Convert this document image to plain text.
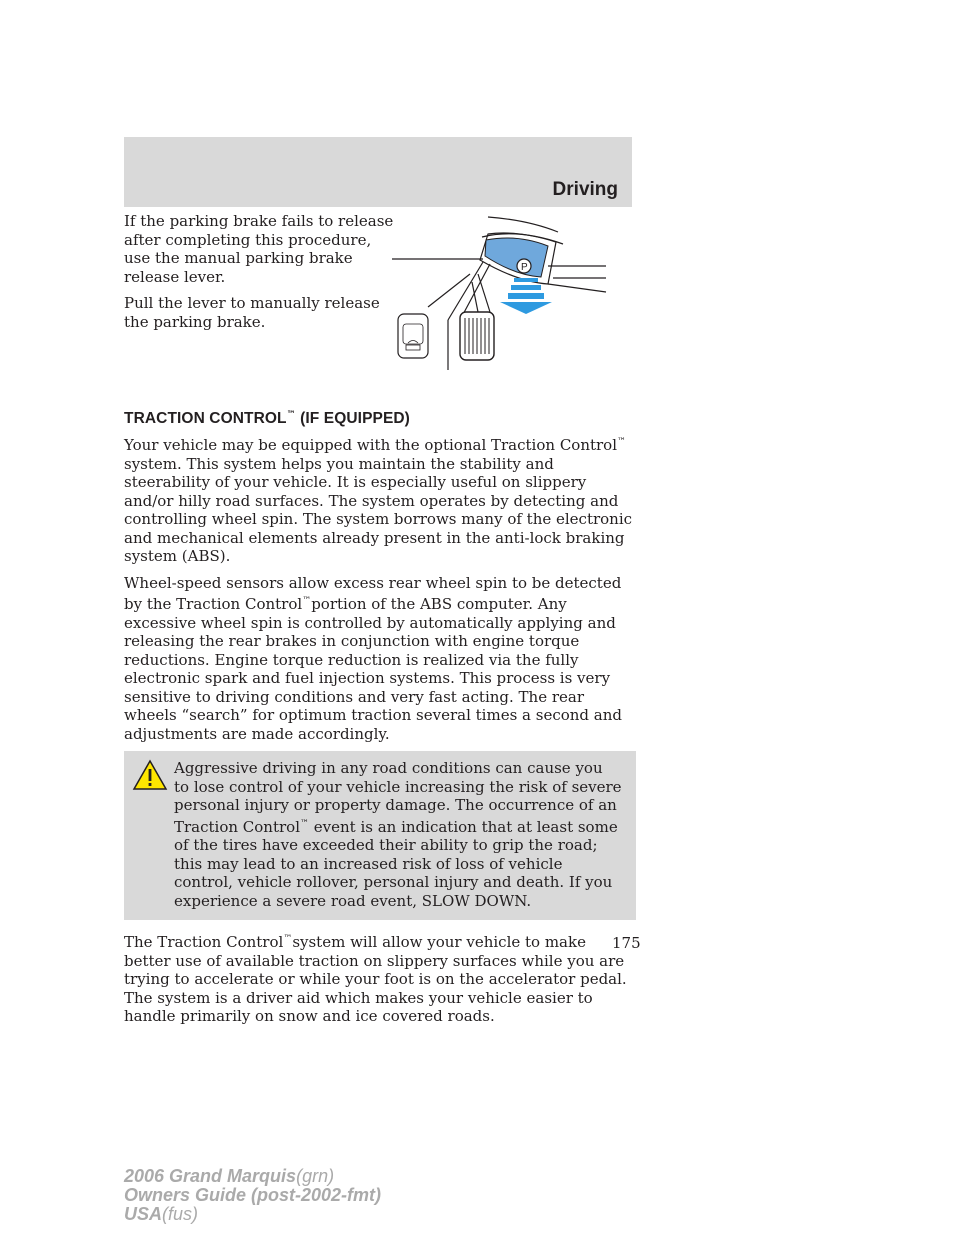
Driving

If the parking brake fails to release after completing this procedure, use the manual parking brake release lever.

Pull the lever to manually release the parking brake.

P
TRACTION CONTROL™ (IF EQUIPPED)

Your vehicle may be equipped with the optional Traction Control™ system. This system helps you maintain the stability and steerability of your vehicle. It is especially useful on slippery and/or hilly road surfaces. The system operates by detecting and controlling wheel spin. The system borrows many of the electronic and mechanical elements already present in the anti-lock braking system (ABS).

Wheel-speed sensors allow excess rear wheel spin to be detected by the Traction Control™portion of the ABS computer. Any excessive wheel spin is controlled by automatically applying and releasing the rear brakes in conjunction with engine torque reductions. Engine torque reduction is realized via the fully electronic spark and fuel injection systems. This process is very sensitive to driving conditions and very fast acting. The rear wheels “search” for optimum traction several times a second and adjustments are made accordingly.

Aggressive driving in any road conditions can cause you to lose control of your vehicle increasing the risk of severe personal injury or property damage. The occurrence of an Traction Control™ event is an indication that at least some of the tires have exceeded their ability to grip the road; this may lead to an increased risk of loss of vehicle control, vehicle rollover, personal injury and death. If you experience a severe road event, SLOW DOWN.

The Traction Control™system will allow your vehicle to make better use of available traction on slippery surfaces while you are trying to accelerate or while your foot is on the accelerator pedal. The system is a driver aid which makes your vehicle easier to handle primarily on snow and ice covered roads.

175
2006 Grand Marquis(grn)
Owners Guide (post-2002-fmt)
USA(fus)
